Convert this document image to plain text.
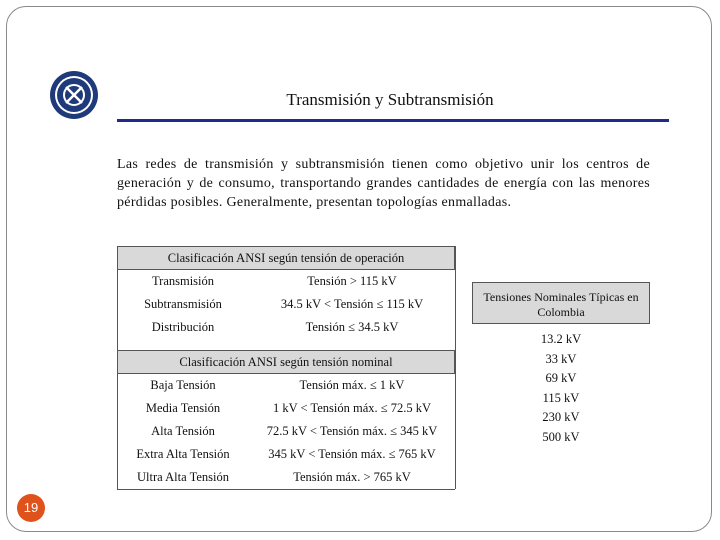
Transmisión y Subtransmisión
Las redes de transmisión y subtransmisión tienen como objetivo unir los centros de generación y de consumo, transportando grandes cantidades de energía con las menores pérdidas posibles. Generalmente, presentan topologías enmalladas.
Clasificación ANSI según tensión de operación
Transmisión	Tensión > 115 kV
Subtransmisión	34.5 kV < Tensión ≤ 115 kV
Distribución	Tensión ≤ 34.5 kV
Clasificación ANSI según tensión nominal
Baja Tensión	Tensión máx. ≤ 1 kV
Media Tensión	1 kV < Tensión máx. ≤ 72.5 kV
Alta Tensión	72.5 kV < Tensión máx. ≤ 345 kV
Extra Alta Tensión	345 kV < Tensión máx. ≤ 765 kV
Ultra Alta Tensión	Tensión máx. > 765 kV
Tensiones Nominales Típicas en Colombia
13.2 kV
33 kV
69 kV
115 kV
230 kV
500 kV
19
